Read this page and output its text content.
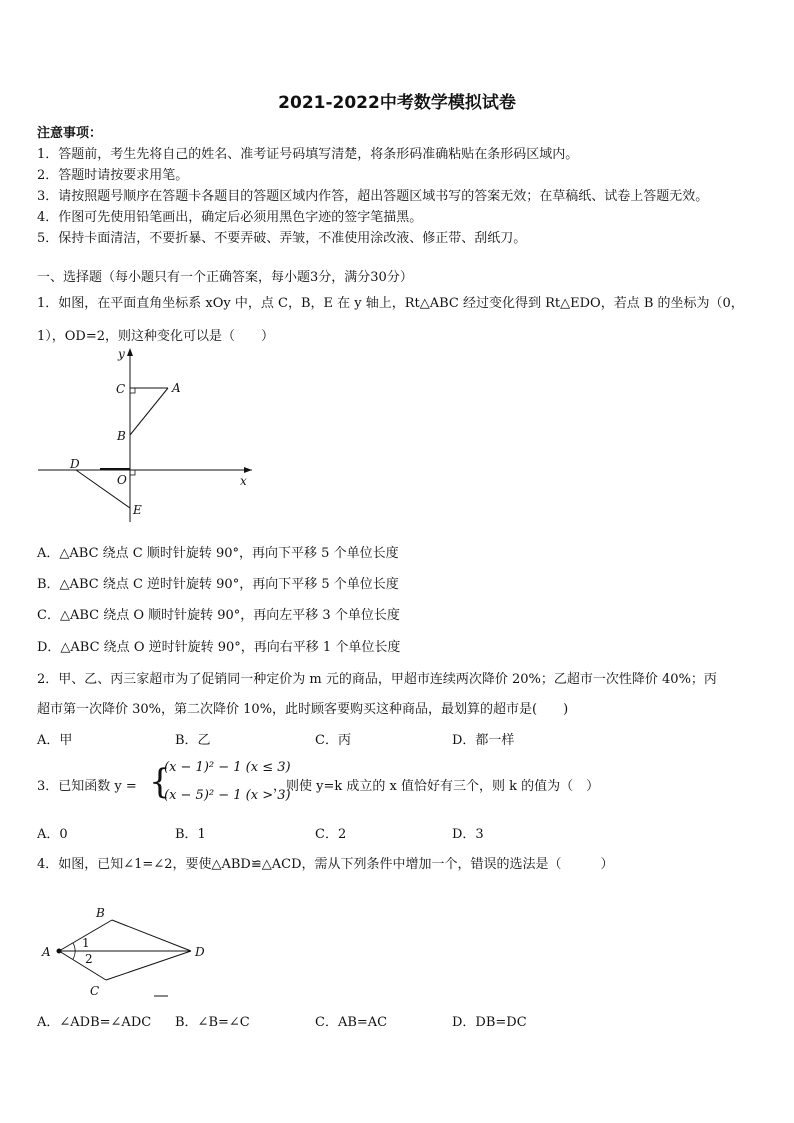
2021-2022中考数学模拟试卷
注意事项：
1．答题前，考生先将自己的姓名、准考证号码填写清楚，将条形码准确粘贴在条形码区域内。
2．答题时请按要求用笔。
3．请按照题号顺序在答题卡各题目的答题区域内作答，超出答题区域书写的答案无效；在草稿纸、试卷上答题无效。
4．作图可先使用铅笔画出，确定后必须用黑色字迹的签字笔描黑。
5．保持卡面清洁，不要折暴、不要弄破、弄皱，不准使用涂改液、修正带、刮纸刀。
一、选择题（每小题只有一个正确答案，每小题3分，满分30分）
1．如图，在平面直角坐标系 xOy 中，点 C，B，E 在 y 轴上，Rt△ABC 经过变化得到 Rt△EDO，若点 B 的坐标为（0，
1），OD=2，则这种变化可以是（　　）
y
C	A
B
D
O	x
E
A．△ABC 绕点 C 顺时针旋转 90°，再向下平移 5 个单位长度
B．△ABC 绕点 C 逆时针旋转 90°，再向下平移 5 个单位长度
C．△ABC 绕点 O 顺时针旋转 90°，再向左平移 3 个单位长度
D．△ABC 绕点 O 逆时针旋转 90°，再向右平移 1 个单位长度
2．甲、乙、丙三家超市为了促销同一种定价为 m 元的商品，甲超市连续两次降价 20%；乙超市一次性降价 40%；丙
超市第一次降价 30%，第二次降价 10%，此时顾客要购买这种商品，最划算的超市是(　　)
A．甲	B．乙	C．丙	D．都一样
3．已知函数 y = {
(x − 1)² − 1 (x ≤ 3)
(x − 5)² − 1 (x > 3)
，则使 y=k 成立的 x 值恰好有三个，则 k 的值为（　）
A．0	B．1	C．2	D．3
4．如图，已知∠1=∠2，要使△ABD≌△ACD，需从下列条件中增加一个，错误的选法是（　　　）
A
B
C
D
1
2
A．∠ADB=∠ADC B．∠B=∠C	C．AB=AC	D．DB=DC
